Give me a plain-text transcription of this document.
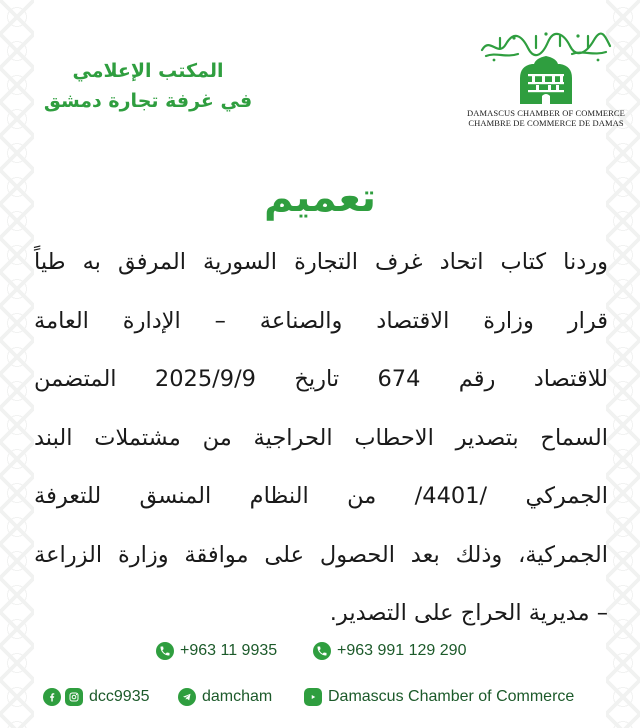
DAMASCUS CHAMBER OF COMMERCE
CHAMBRE DE COMMERCE DE DAMAS
المكتب الإعلامي
في غرفة تجارة دمشق
تعميم
وردنا كتاب اتحاد غرف التجارة السورية المرفق به طياً
قرار وزارة الاقتصاد والصناعة – الإدارة العامة
للاقتصاد رقم 674 تاريخ 2025/9/9 المتضمن
السماح بتصدير الاحطاب الحراجية من مشتملات البند
الجمركي /4401/ من النظام المنسق للتعرفة
الجمركية، وذلك بعد الحصول على موافقة وزارة الزراعة
– مديرية الحراج على التصدير.
+963 11 9935	+963 991 129 290
dcc9935	damcham	Damascus Chamber of Commerce
